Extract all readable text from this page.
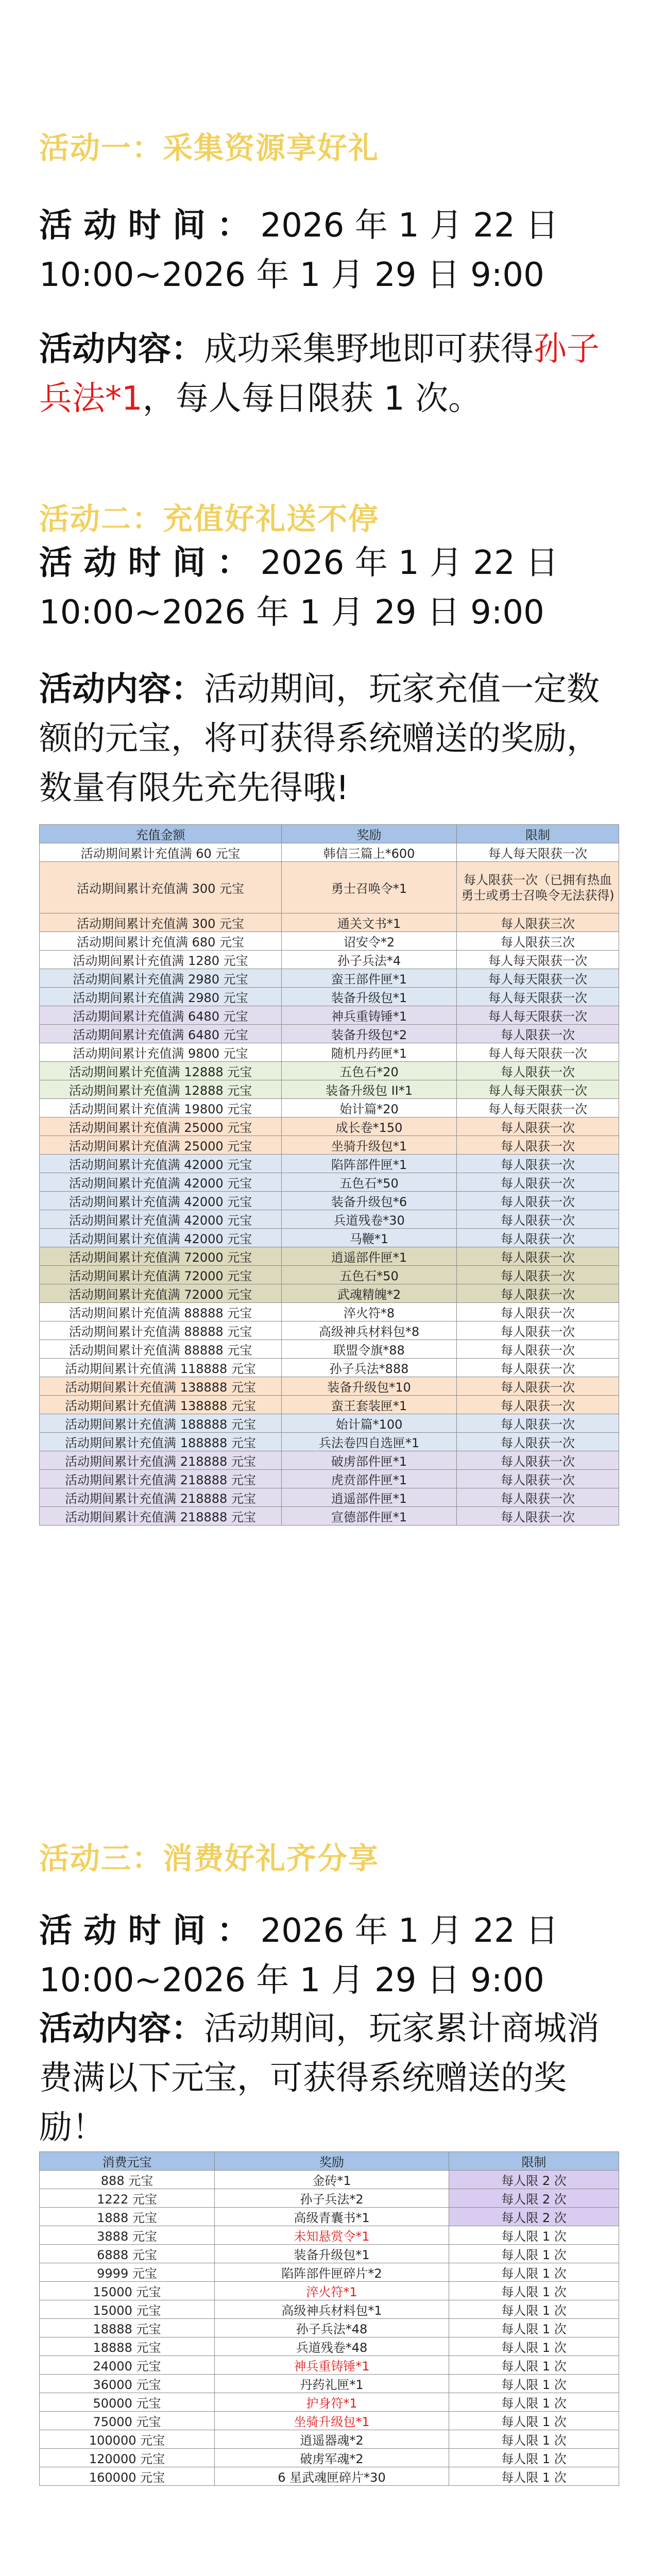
活动一：采集资源享好礼
活 动 时 间 ： 2026 年 1 月 22 日 10:00~2026 年 1 月 29 日 9:00
活动内容：成功采集野地即可获得孙子兵法*1，每人每日限获 1 次。
活动二：充值好礼送不停
活 动 时 间 ： 2026 年 1 月 22 日 10:00~2026 年 1 月 29 日 9:00
活动内容：活动期间，玩家充值一定数额的元宝，将可获得系统赠送的奖励，数量有限先充先得哦!
充值金额	奖励	限制
活动期间累计充值满 60 元宝	韩信三篇上*600	每人每天限获一次
活动期间累计充值满 300 元宝	勇士召唤令*1	每人限获一次（已拥有热血勇士或勇士召唤令无法获得)
活动期间累计充值满 300 元宝	通关文书*1	每人限获三次
活动期间累计充值满 680 元宝	诏安令*2	每人限获三次
活动期间累计充值满 1280 元宝	孙子兵法*4	每人每天限获一次
活动期间累计充值满 2980 元宝	蛮王部件匣*1	每人每天限获一次
活动期间累计充值满 2980 元宝	装备升级包*1	每人每天限获一次
活动期间累计充值满 6480 元宝	神兵重铸锤*1	每人每天限获一次
活动期间累计充值满 6480 元宝	装备升级包*2	每人限获一次
活动期间累计充值满 9800 元宝	随机丹药匣*1	每人每天限获一次
活动期间累计充值满 12888 元宝	五色石*20	每人限获一次
活动期间累计充值满 12888 元宝	装备升级包 II*1	每人每天限获一次
活动期间累计充值满 19800 元宝	始计篇*20	每人每天限获一次
活动期间累计充值满 25000 元宝	成长卷*150	每人限获一次
活动期间累计充值满 25000 元宝	坐骑升级包*1	每人限获一次
活动期间累计充值满 42000 元宝	陷阵部件匣*1	每人限获一次
活动期间累计充值满 42000 元宝	五色石*50	每人限获一次
活动期间累计充值满 42000 元宝	装备升级包*6	每人限获一次
活动期间累计充值满 42000 元宝	兵道残卷*30	每人限获一次
活动期间累计充值满 42000 元宝	马鞭*1	每人限获一次
活动期间累计充值满 72000 元宝	逍遥部件匣*1	每人限获一次
活动期间累计充值满 72000 元宝	五色石*50	每人限获一次
活动期间累计充值满 72000 元宝	武魂精魄*2	每人限获一次
活动期间累计充值满 88888 元宝	淬火符*8	每人限获一次
活动期间累计充值满 88888 元宝	高级神兵材料包*8	每人限获一次
活动期间累计充值满 88888 元宝	联盟令旗*88	每人限获一次
活动期间累计充值满 118888 元宝	孙子兵法*888	每人限获一次
活动期间累计充值满 138888 元宝	装备升级包*10	每人限获一次
活动期间累计充值满 138888 元宝	蛮王套装匣*1	每人限获一次
活动期间累计充值满 188888 元宝	始计篇*100	每人限获一次
活动期间累计充值满 188888 元宝	兵法卷四自选匣*1	每人限获一次
活动期间累计充值满 218888 元宝	破虏部件匣*1	每人限获一次
活动期间累计充值满 218888 元宝	虎贲部件匣*1	每人限获一次
活动期间累计充值满 218888 元宝	逍遥部件匣*1	每人限获一次
活动期间累计充值满 218888 元宝	宣德部件匣*1	每人限获一次
活动三：消费好礼齐分享
活 动 时 间 ： 2026 年 1 月 22 日 10:00~2026 年 1 月 29 日 9:00
活动内容：活动期间，玩家累计商城消费满以下元宝，可获得系统赠送的奖励！
消费元宝	奖励	限制
888 元宝	金砖*1	每人限 2 次
1222 元宝	孙子兵法*2	每人限 2 次
1888 元宝	高级青囊书*1	每人限 2 次
3888 元宝	未知悬赏令*1	每人限 1 次
6888 元宝	装备升级包*1	每人限 1 次
9999 元宝	陷阵部件匣碎片*2	每人限 1 次
15000 元宝	淬火符*1	每人限 1 次
15000 元宝	高级神兵材料包*1	每人限 1 次
18888 元宝	孙子兵法*48	每人限 1 次
18888 元宝	兵道残卷*48	每人限 1 次
24000 元宝	神兵重铸锤*1	每人限 1 次
36000 元宝	丹药礼匣*1	每人限 1 次
50000 元宝	护身符*1	每人限 1 次
75000 元宝	坐骑升级包*1	每人限 1 次
100000 元宝	逍遥器魂*2	每人限 1 次
120000 元宝	破虏军魂*2	每人限 1 次
160000 元宝	6 星武魂匣碎片*30	每人限 1 次
